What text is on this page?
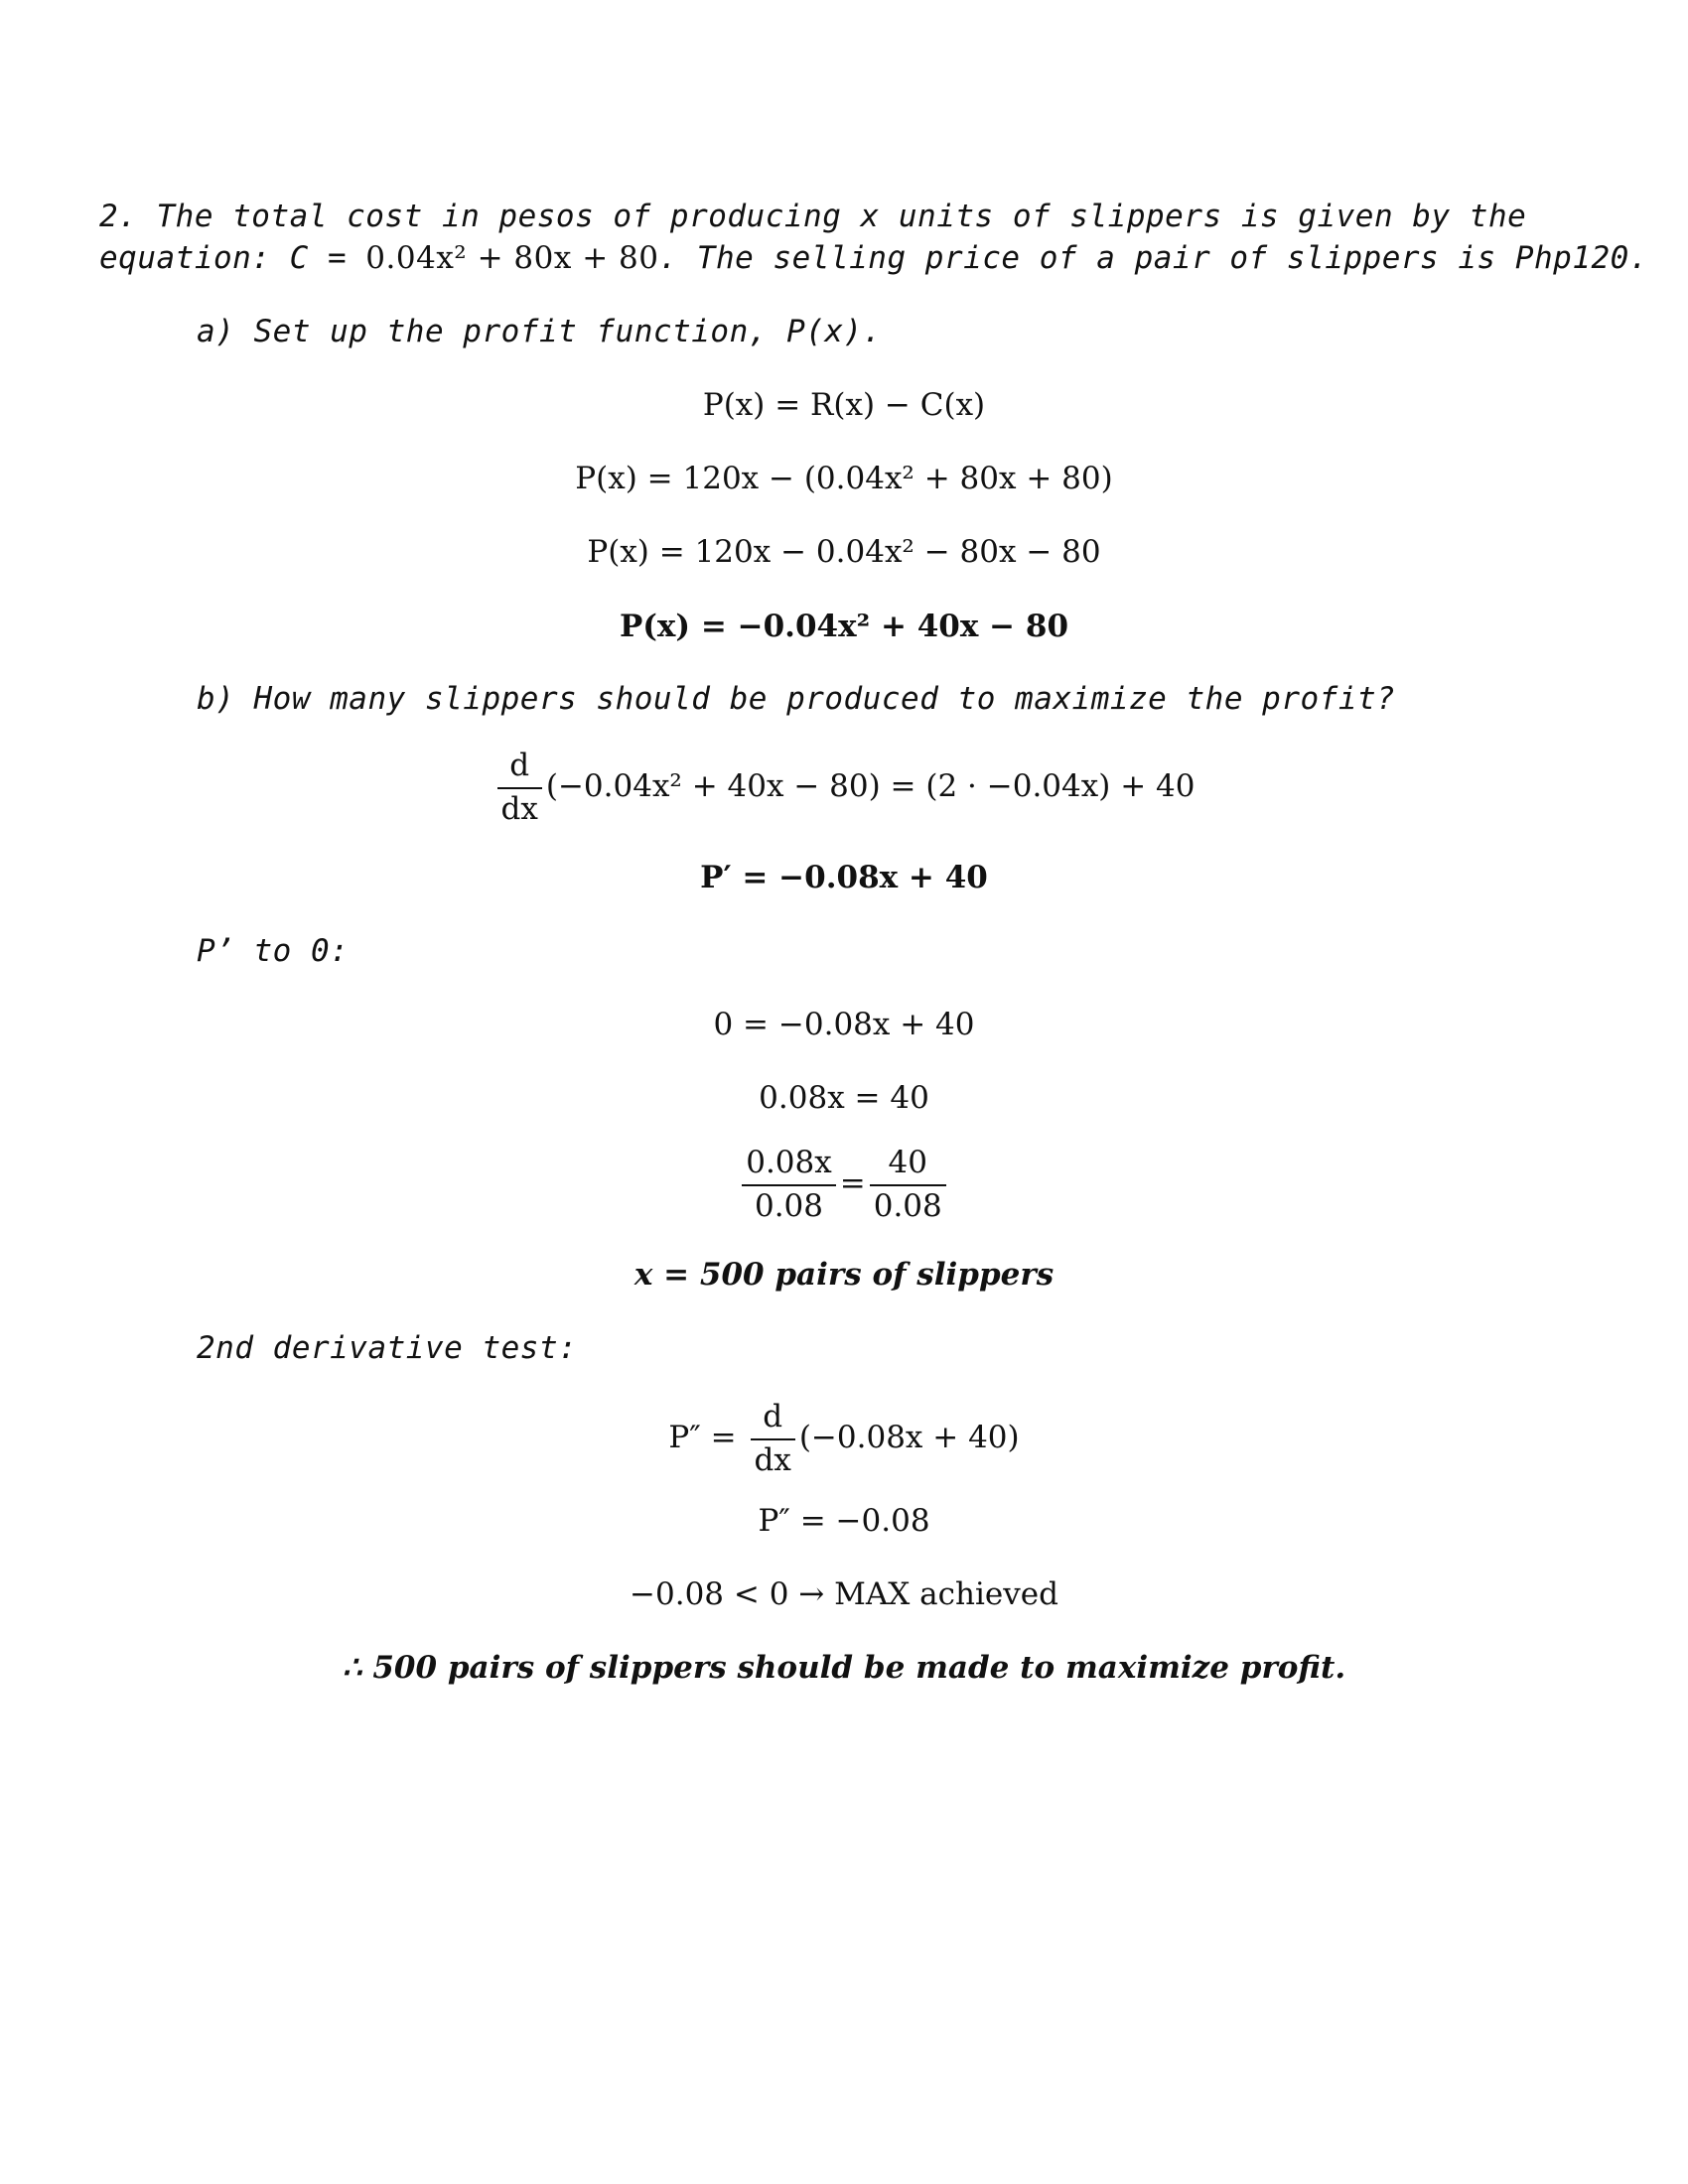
2. The total cost in pesos of producing x units of slippers is given by the
equation: C = 0.04x² + 80x + 80. The selling price of a pair of slippers is Php120.
a) Set up the profit function, P(x).
P(x) = R(x) − C(x)
P(x) = 120x − (0.04x² + 80x + 80)
P(x) = 120x − 0.04x² − 80x − 80
P(x) = −0.04x² + 40x − 80
b) How many slippers should be produced to maximize the profit?
$\frac{d}{dx} (-0.04x^2 + 40x - 80) = (2 \cdot -0.04x) + 40$
P′ = −0.08x + 40
P’ to 0:
0 = −0.08x + 40
0.08x = 40
$\frac{0.08x}{0.08} = \frac{40}{0.08}$
x = 500 pairs of slippers
2nd derivative test:
$P'' = \frac{d}{dx} (-0.08x + 40)$
P″ = −0.08
−0.08 < 0 → MAX achieved
∴ 500 pairs of slippers should be made to maximize profit.
